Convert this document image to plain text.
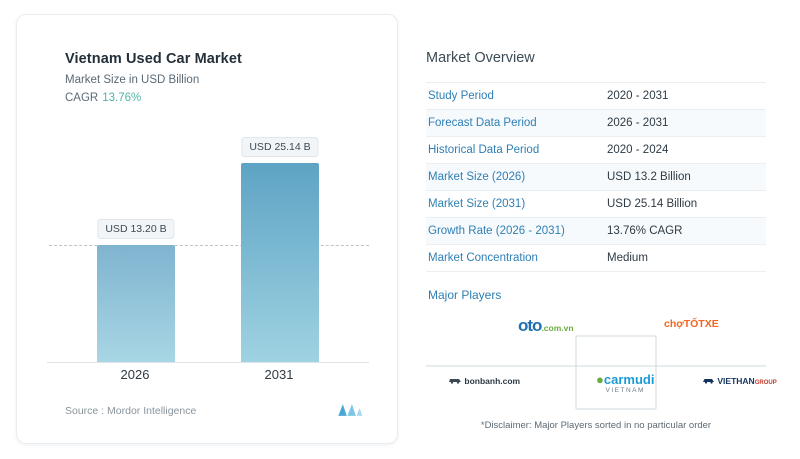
Vietnam Used Car Market
Market Size in USD Billion
CAGR 13.76%
USD 13.20 B
USD 25.14 B
2026	2031
Source : Mordor Intelligence
Market Overview
Study Period	2020 - 2031
Forecast Data Period	2026 - 2031
Historical Data Period	2020 - 2024
Market Size (2026)	USD 13.2 Billion
Market Size (2031)	USD 25.14 Billion
Growth Rate (2026 - 2031)	13.76% CAGR
Market Concentration	Medium
Major Players
oto.com.vn	chợTỐTXE
bonbanh.com	●carmudi
VIETNAM
VIETHANGROUP
*Disclaimer: Major Players sorted in no particular order
